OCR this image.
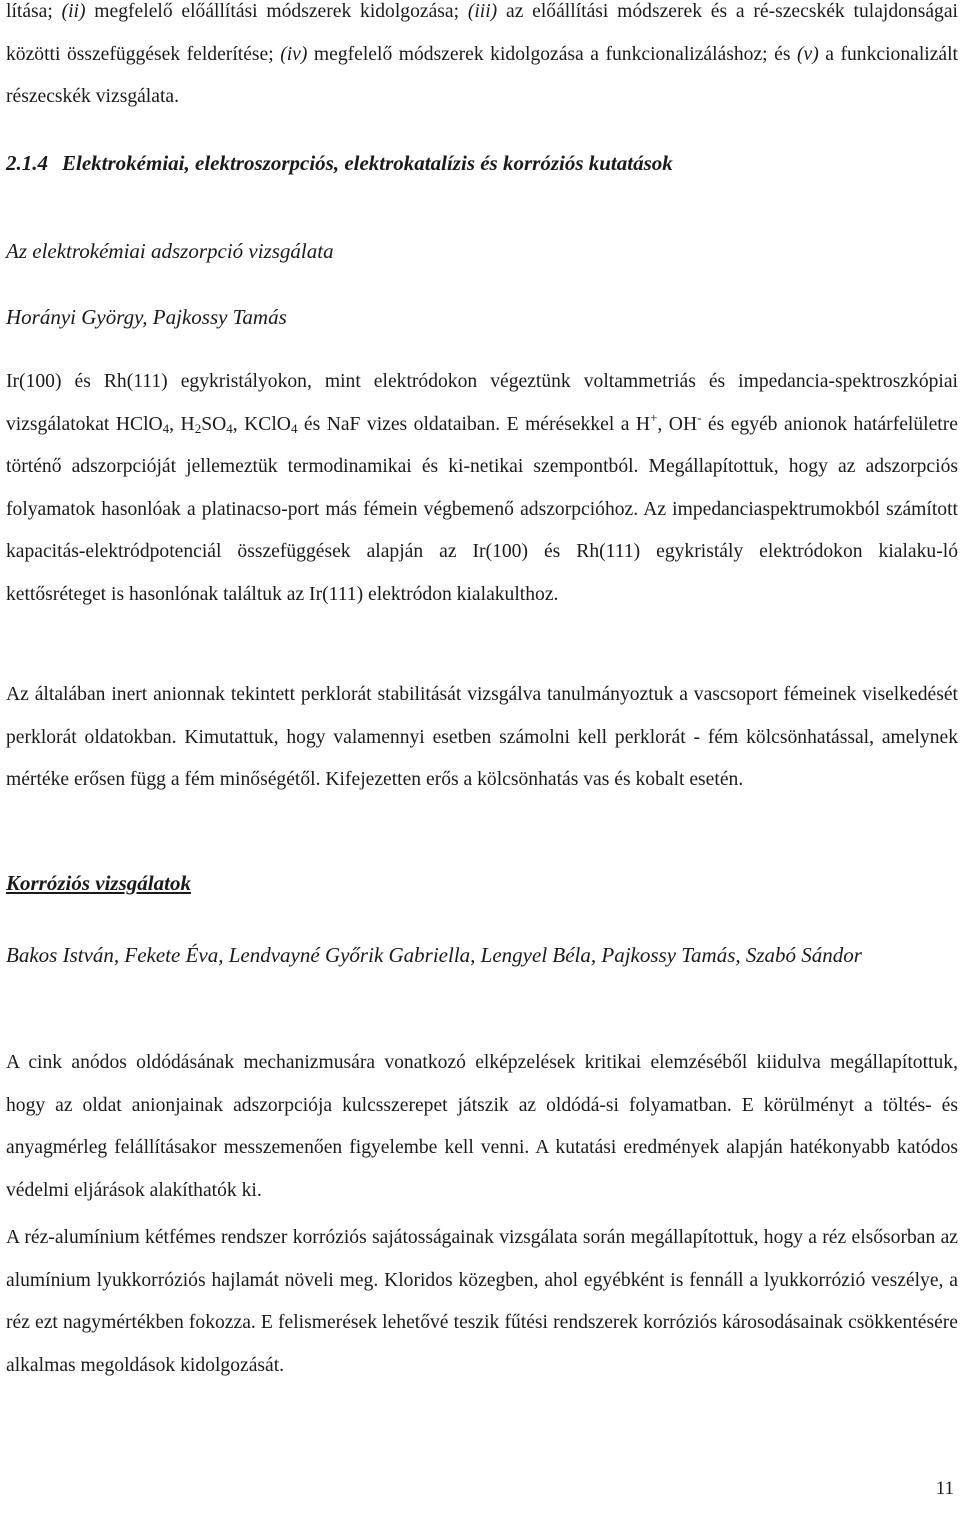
lítása; (ii) megfelelő előállítási módszerek kidolgozása; (iii) az előállítási módszerek és a ré-szecskék tulajdonságai közötti összefüggések felderítése; (iv) megfelelő módszerek kidolgozása a funkcionalizáláshoz; és (v) a funkcionalizált részecskék vizsgálata.

2.1.4 Elektrokémiai, elektroszorpciós, elektrokatalízis és korróziós kutatások
Az elektrokémiai adszorpció vizsgálata
Horányi György, Pajkossy Tamás

Ir(100) és Rh(111) egykristályokon, mint elektródokon végeztünk voltammetriás és impedancia-spektroszkópiai vizsgálatokat HClO$_4$, $H_2SO_4$, KClO$_4$ és NaF vizes oldataiban. E mérésekkel a H+, OH- és egyéb anionok határfelületre történő adszorpcióját jellemeztük termodinamikai és ki-netikai szempontból. Megállapítottuk, hogy az adszorpciós folyamatok hasonlóak a platinacso-port más fémein végbemenő adszorpcióhoz. Az impedanciaspektrumokból számított kapacitás-elektródpotenciál összefüggések alapján az Ir(100) és Rh(111) egykristály elektródokon kialaku-ló kettősréteget is hasonlónak találtuk az Ir(111) elektródon kialakulthoz.

Az általában inert anionnak tekintett perklorát stabilitását vizsgálva tanulmányoztuk a vascsoport fémeinek viselkedését perklorát oldatokban. Kimutattuk, hogy valamennyi esetben számolni kell perklorát - fém kölcsönhatással, amelynek mértéke erősen függ a fém minőségétől. Kifejezetten erős a kölcsönhatás vas és kobalt esetén.

Korróziós vizsgálatok
Bakos István, Fekete Éva, Lendvayné Győrik Gabriella, Lengyel Béla, Pajkossy Tamás, Szabó Sándor

A cink anódos oldódásának mechanizmusára vonatkozó elképzelések kritikai elemzéséből kiidulva megállapítottuk, hogy az oldat anionjainak adszorpciója kulcsszerepet játszik az oldódá-si folyamatban. E körülményt a töltés- és anyagmérleg felállításakor messzemenően figyelembe kell venni. A kutatási eredmények alapján hatékonyabb katódos védelmi eljárások alakíthatók ki.

A réz-alumínium kétfémes rendszer korróziós sajátosságainak vizsgálata során megállapítottuk, hogy a réz elsősorban az alumínium lyukkorróziós hajlamát növeli meg. Kloridos közegben, ahol egyébként is fennáll a lyukkorrózió veszélye, a réz ezt nagymértékben fokozza. E felismerések lehetővé teszik fűtési rendszerek korróziós károsodásainak csökkentésére alkalmas megoldások kidolgozását.

11
